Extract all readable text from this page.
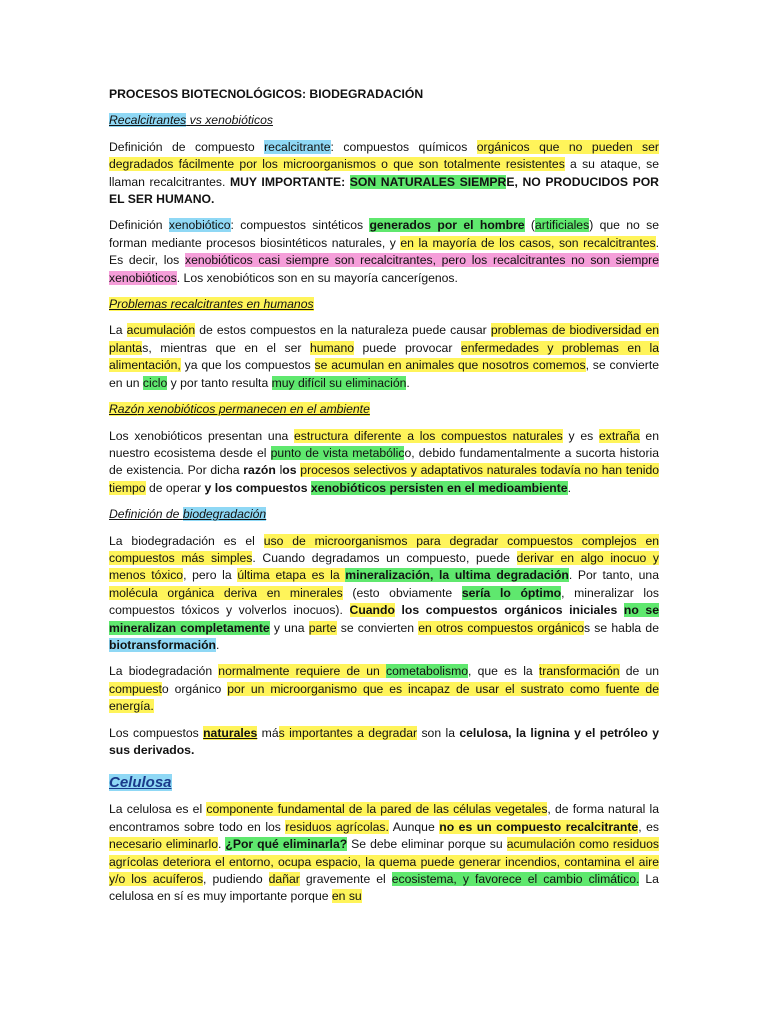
PROCESOS BIOTECNOLÓGICOS: BIODEGRADACIÓN
Recalcitrantes vs xenobióticos

Definición de compuesto recalcitrante: compuestos químicos orgánicos que no pueden ser degradados fácilmente por los microorganismos o que son totalmente resistentes a su ataque, se llaman recalcitrantes. MUY IMPORTANTE: SON NATURALES SIEMPRE, NO PRODUCIDOS POR EL SER HUMANO.

Definición xenobiótico: compuestos sintéticos generados por el hombre (artificiales) que no se forman mediante procesos biosintéticos naturales, y en la mayoría de los casos, son recalcitrantes. Es decir, los xenobióticos casi siempre son recalcitrantes, pero los recalcitrantes no son siempre xenobióticos. Los xenobióticos son en su mayoría cancerígenos.

Problemas recalcitrantes en humanos

La acumulación de estos compuestos en la naturaleza puede causar problemas de biodiversidad en plantas, mientras que en el ser humano puede provocar enfermedades y problemas en la alimentación, ya que los compuestos se acumulan en animales que nosotros comemos, se convierte en un ciclo y por tanto resulta muy difícil su eliminación.

Razón xenobióticos permanecen en el ambiente

Los xenobióticos presentan una estructura diferente a los compuestos naturales y es extraña en nuestro ecosistema desde el punto de vista metabólico, debido fundamentalmente a sucorta historia de existencia. Por dicha razón los procesos selectivos y adaptativos naturales todavía no han tenido tiempo de operar y los compuestos xenobióticos persisten en el medioambiente.

Definición de biodegradación

La biodegradación es el uso de microorganismos para degradar compuestos complejos en compuestos más simples. Cuando degradamos un compuesto, puede derivar en algo inocuo y menos tóxico, pero la última etapa es la mineralización, la ultima degradación. Por tanto, una molécula orgánica deriva en minerales (esto obviamente sería lo óptimo, mineralizar los compuestos tóxicos y volverlos inocuos). Cuando los compuestos orgánicos iniciales no se mineralizan completamente y una parte se convierten en otros compuestos orgánicos se habla de biotransformación.

La biodegradación normalmente requiere de un cometabolismo, que es la transformación de un compuesto orgánico por un microorganismo que es incapaz de usar el sustrato como fuente de energía.

Los compuestos naturales más importantes a degradar son la celulosa, la lignina y el petróleo y sus derivados.

Celulosa

La celulosa es el componente fundamental de la pared de las células vegetales, de forma natural la encontramos sobre todo en los residuos agrícolas. Aunque no es un compuesto recalcitrante, es necesario eliminarlo. ¿Por qué eliminarla? Se debe eliminar porque su acumulación como residuos agrícolas deteriora el entorno, ocupa espacio, la quema puede generar incendios, contamina el aire y/o los acuíferos, pudiendo dañar gravemente el ecosistema, y favorece el cambio climático. La celulosa en sí es muy importante porque en su
